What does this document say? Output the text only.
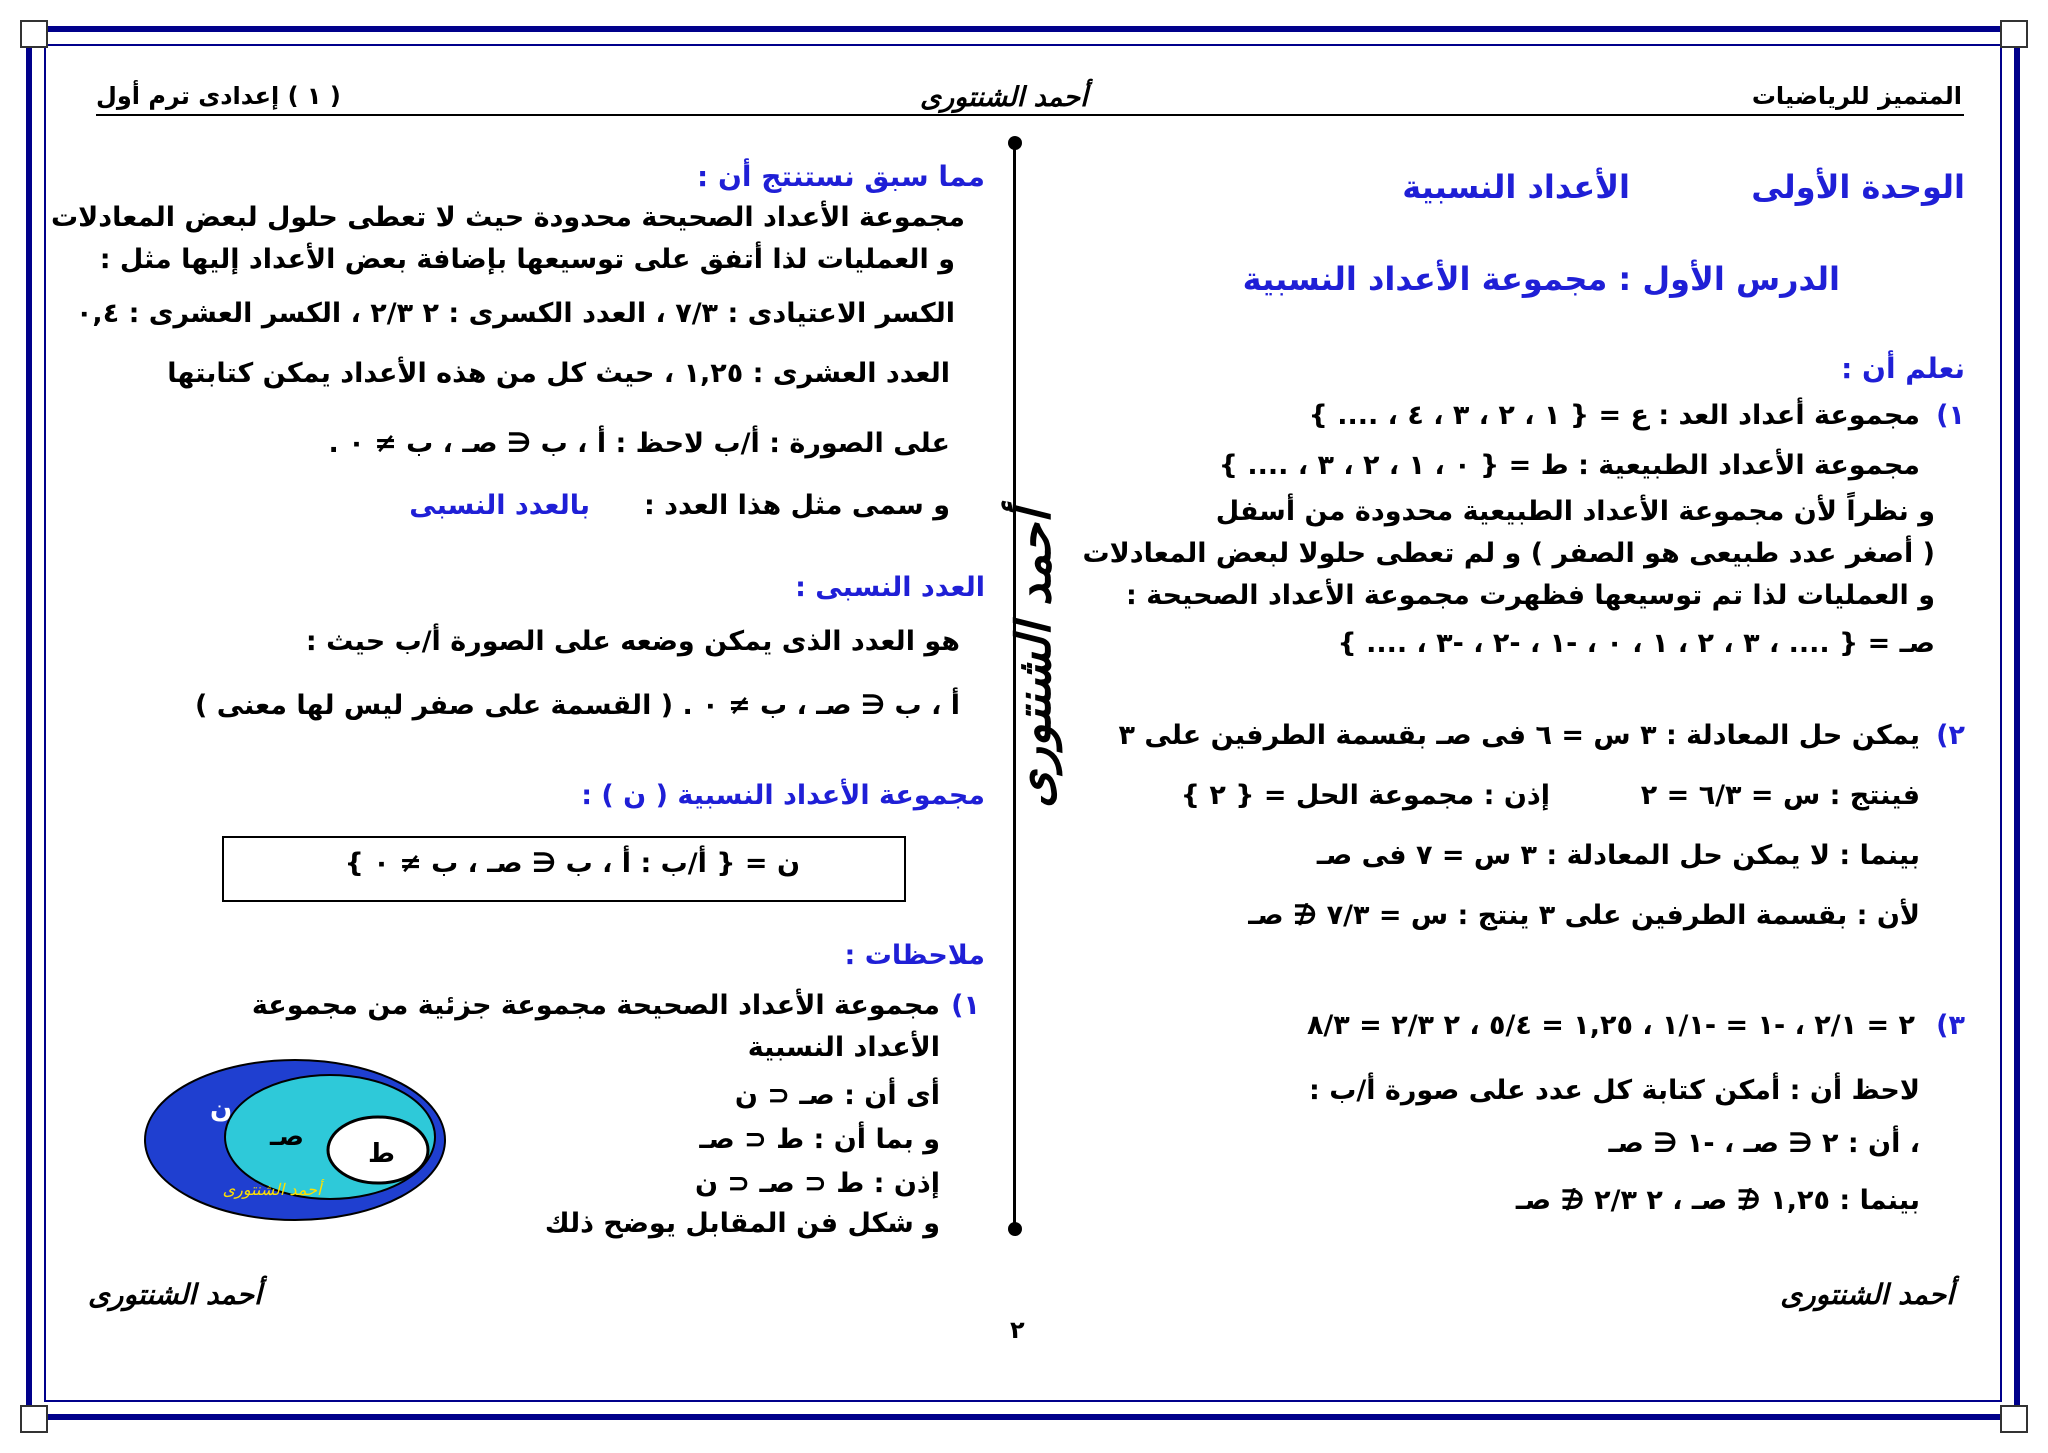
المتميز للرياضيات
أحمد الشنتورى
( ١ ) إعدادى ترم أول
الوحدة الأولى
الأعداد النسبية
الدرس الأول : مجموعة الأعداد النسبية
نعلم أن :
١)
مجموعة أعداد العد : ع = { ١ ، ٢ ، ٣ ، ٤ ، .... }
مجموعة الأعداد الطبيعية : ط = { ٠ ، ١ ، ٢ ، ٣ ، .... }
و نظراً لأن مجموعة الأعداد الطبيعية محدودة من أسفل
( أصغر عدد طبيعى هو الصفر ) و لم تعطى حلولا لبعض المعادلات
و العمليات لذا تم توسيعها فظهرت مجموعة الأعداد الصحيحة :
صـ = { .... ، ٣ ، ٢ ، ١ ، ٠ ، -١ ، -٢ ، -٣ ، .... }
٢)
يمكن حل المعادلة : ٣ س = ٦ فى صـ بقسمة الطرفين على ٣
فينتج : س = ٦/٣ = ٢
إذن : مجموعة الحل = { ٢ }
بينما : لا يمكن حل المعادلة : ٣ س = ٧ فى صـ
لأن : بقسمة الطرفين على ٣ ينتج : س = ٧/٣ ∉ صـ
٣)
٢ = ٢/١ ، -١ = -١/١ ، ١,٢٥ = ٥/٤ ، ٢ ٢/٣ = ٨/٣
لاحظ أن : أمكن كتابة كل عدد على صورة أ/ب :
، أن : ٢ ∈ صـ ، -١ ∈ صـ
بينما : ١,٢٥ ∉ صـ ، ٢ ٢/٣ ∉ صـ
أحمد الشنتورى
مما سبق نستنتج أن :
مجموعة الأعداد الصحيحة محدودة حيث لا تعطى حلول لبعض المعادلات
و العمليات لذا أتفق على توسيعها بإضافة بعض الأعداد إليها مثل :
الكسر الاعتيادى : ٧/٣ ، العدد الكسرى : ٢ ٢/٣ ، الكسر العشرى : ٠,٤
العدد العشرى : ١,٢٥ ، حيث كل من هذه الأعداد يمكن كتابتها
على الصورة : أ/ب لاحظ : أ ، ب ∈ صـ ، ب ≠ ٠ .
و سمى مثل هذا العدد :
بالعدد النسبى
العدد النسبى :
هو العدد الذى يمكن وضعه على الصورة أ/ب حيث :
أ ، ب ∈ صـ ، ب ≠ ٠ . ( القسمة على صفر ليس لها معنى )
مجموعة الأعداد النسبية ( ن ) :
ن = { أ/ب : أ ، ب ∈ صـ ، ب ≠ ٠ }
ملاحظات :
١)
مجموعة الأعداد الصحيحة مجموعة جزئية من مجموعة
الأعداد النسبية
أى أن : صـ ⊂ ن
و بما أن : ط ⊂ صـ
إذن : ط ⊂ صـ ⊂ ن
و شكل فن المقابل يوضح ذلك
ن
صـ
ط
أحمد الشنتورى
أحمد الشنتورى
أحمد الشنتورى
٢
